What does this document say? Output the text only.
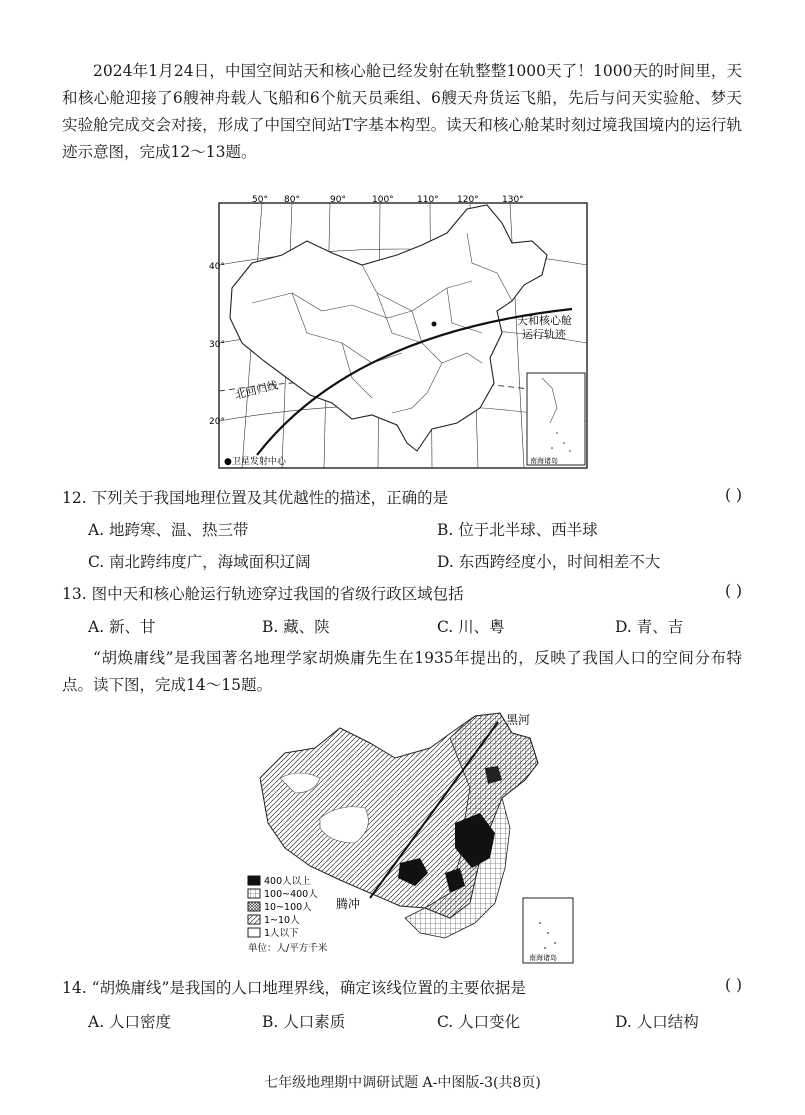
2024年1月24日，中国空间站天和核心舱已经发射在轨整整1000天了！1000天的时间里，天和核心舱迎接了6艘神舟载人飞船和6个航天员乘组、6艘天舟货运飞船，先后与问天实验舱、梦天实验舱完成交会对接，形成了中国空间站T字基本构型。读天和核心舱某时刻过境我国境内的运行轨迹示意图，完成12～13题。
50° 80°	90°	100°	110° 120°	130°
40°
30°
20°
天和核心舱
运行轨迹
北回归线
●卫星发射中心	南海诸岛
12. 下列关于我国地理位置及其优越性的描述，正确的是	( )
A. 地跨寒、温、热三带	B. 位于北半球、西半球
C. 南北跨纬度广，海域面积辽阔	D. 东西跨经度小，时间相差不大
13. 图中天和核心舱运行轨迹穿过我国的省级行政区域包括	( )
A. 新、甘	B. 藏、陕	C. 川、粤	D. 青、吉
“胡焕庸线”是我国著名地理学家胡焕庸先生在1935年提出的，反映了我国人口的空间分布特点。读下图，完成14～15题。
南海诸岛
黑河
腾冲
400人以上
100~400人
10~100人
1~10人
1人以下
单位：人/平方千米
14. “胡焕庸线”是我国的人口地理界线，确定该线位置的主要依据是	( )
A. 人口密度	B. 人口素质	C. 人口变化	D. 人口结构
七年级地理期中调研试题 A-中图版-3(共8页)
